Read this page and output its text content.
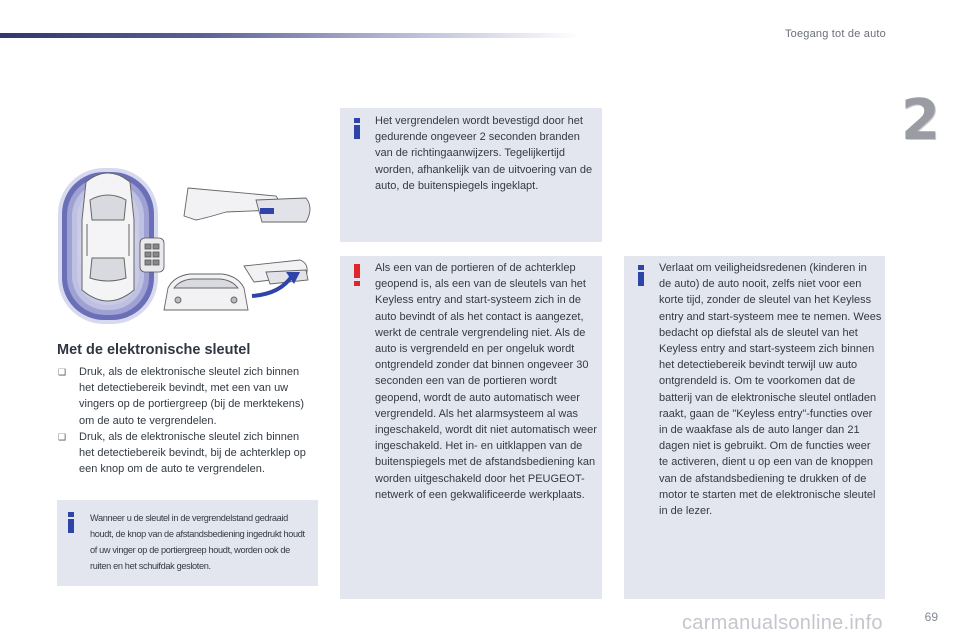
Toegang tot de auto
2
Met de elektronische sleutel
❑ Druk, als de elektronische sleutel zich binnen het detectiebereik bevindt, met een van uw vingers op de portiergreep (bij de merktekens) om de auto te vergrendelen.
❑ Druk, als de elektronische sleutel zich binnen het detectiebereik bevindt, bij de achterklep op een knop om de auto te vergrendelen.
Wanneer u de sleutel in de vergrendelstand gedraaid houdt, de knop van de afstandsbediening ingedrukt houdt of uw vinger op de portiergreep houdt, worden ook de ruiten en het schuifdak gesloten.
Het vergrendelen wordt bevestigd door het gedurende ongeveer 2 seconden branden van de richtingaanwijzers. Tegelijkertijd worden, afhankelijk van de uitvoering van de auto, de buitenspiegels ingeklapt.
Als een van de portieren of de achterklep geopend is, als een van de sleutels van het Keyless entry and start-systeem zich in de auto bevindt of als het contact is aangezet, werkt de centrale vergrendeling niet. Als de auto is vergrendeld en per ongeluk wordt ontgrendeld zonder dat binnen ongeveer 30 seconden een van de portieren wordt geopend, wordt de auto automatisch weer vergrendeld. Als het alarmsysteem al was ingeschakeld, wordt dit niet automatisch weer ingeschakeld. Het in- en uitklappen van de buitenspiegels met de afstandsbediening kan worden uitgeschakeld door het PEUGEOT-netwerk of een gekwalificeerde werkplaats.
Verlaat om veiligheidsredenen (kinderen in de auto) de auto nooit, zelfs niet voor een korte tijd, zonder de sleutel van het Keyless entry and start-systeem mee te nemen. Wees bedacht op diefstal als de sleutel van het Keyless entry and start-systeem zich binnen het detectiebereik bevindt terwijl uw auto ontgrendeld is. Om te voorkomen dat de batterij van de elektronische sleutel ontladen raakt, gaan de "Keyless entry"-functies over in de waakfase als de auto langer dan 21 dagen niet is gebruikt. Om de functies weer te activeren, dient u op een van de knoppen van de afstandsbediening te drukken of de motor te starten met de elektronische sleutel in de lezer.
carmanualsonline.info	69
